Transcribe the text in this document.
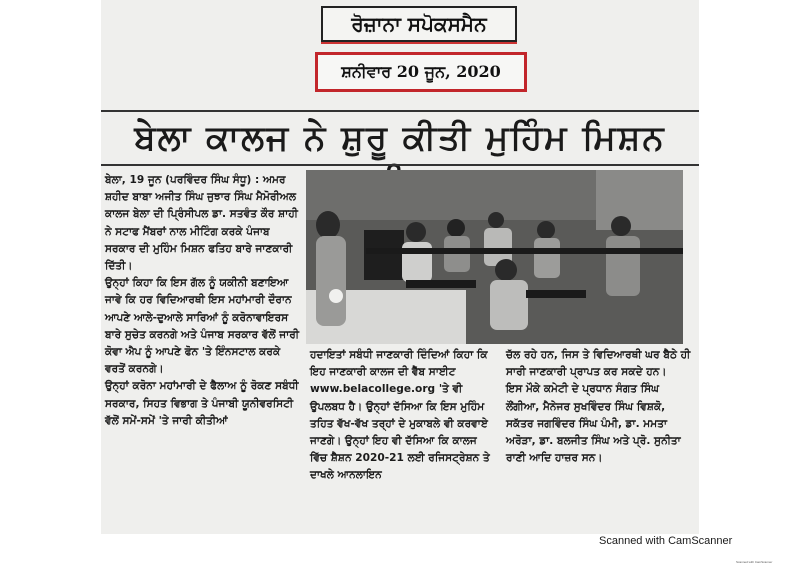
ਰੋਜ਼ਾਨਾ ਸਪੋਕਸਮੈਨ
ਸ਼ਨੀਵਾਰ 20 ਜੂਨ, 2020
ਬੇਲਾ ਕਾਲਜ ਨੇ ਸ਼ੁਰੂ ਕੀਤੀ ਮੁਹਿੰਮ ਮਿਸ਼ਨ

ਬੇਲਾ, 19 ਜੂਨ (ਪਰਵਿੰਦਰ ਸਿੰਘ ਸੰਧੂ) : ਅਮਰ ਸ਼ਹੀਦ ਬਾਬਾ ਅਜੀਤ ਸਿੰਘ ਜੁਝਾਰ ਸਿੰਘ ਮੈਮੋਰੀਅਲ ਕਾਲਜ ਬੇਲਾ ਦੀ ਪ੍ਰਿੰਸੀਪਲ ਡਾ. ਸਤਵੰਤ ਕੌਰ ਸ਼ਾਹੀ ਨੇ ਸਟਾਫ ਮੈਂਬਰਾਂ ਨਾਲ ਮੀਟਿੰਗ ਕਰਕੇ ਪੰਜਾਬ ਸਰਕਾਰ ਦੀ ਮੁਹਿੰਮ ਮਿਸ਼ਨ ਫਤਿਹ ਬਾਰੇ ਜਾਣਕਾਰੀ ਦਿੱਤੀ।

ਉਨ੍ਹਾਂ ਕਿਹਾ ਕਿ ਇਸ ਗੱਲ ਨੂੰ ਯਕੀਨੀ ਬਣਾਇਆ ਜਾਵੇ ਕਿ ਹਰ ਵਿਦਿਆਰਥੀ ਇਸ ਮਹਾਂਮਾਰੀ ਦੌਰਾਨ ਆਪਣੇ ਆਲੇ-ਦੁਆਲੇ ਸਾਰਿਆਂ ਨੂੰ ਕਰੋਨਾਵਾਇਰਸ ਬਾਰੇ ਸੁਚੇਤ ਕਰਨਗੇ ਅਤੇ ਪੰਜਾਬ ਸਰਕਾਰ ਵੱਲੋਂ ਜਾਰੀ ਕੋਵਾ ਐਪ ਨੂੰ ਆਪਣੇ ਫੋਨ 'ਤੇ ਇੰਨਸਟਾਲ ਕਰਕੇ ਵਰਤੋਂ ਕਰਨਗੇ।

ਉਨ੍ਹਾਂ ਕਰੋਨਾ ਮਹਾਂਮਾਰੀ ਦੇ ਫੈਲਾਅ ਨੂੰ ਰੋਕਣ ਸਬੰਧੀ ਸਰਕਾਰ, ਸਿਹਤ ਵਿਭਾਗ ਤੇ ਪੰਜਾਬੀ ਯੂਨੀਵਰਸਿਟੀ ਵੱਲੋਂ ਸਮੇਂ-ਸਮੇਂ 'ਤੇ ਜਾਰੀ ਕੀਤੀਆਂ

ਹਦਾਇਤਾਂ ਸਬੰਧੀ ਜਾਣਕਾਰੀ ਦਿੰਦਿਆਂ ਕਿਹਾ ਕਿ ਇਹ ਜਾਣਕਾਰੀ ਕਾਲਜ ਦੀ ਵੈੱਬ ਸਾਈਟ www.belacollege.org 'ਤੇ ਵੀ ਉਪਲਬਧ ਹੈ। ਉਨ੍ਹਾਂ ਦੱਸਿਆ ਕਿ ਇਸ ਮੁਹਿੰਮ ਤਹਿਤ ਵੱਖ-ਵੱਖ ਤਰ੍ਹਾਂ ਦੇ ਮੁਕਾਬਲੇ ਵੀ ਕਰਵਾਏ ਜਾਣਗੇ। ਉਨ੍ਹਾਂ ਇਹ ਵੀ ਦੱਸਿਆ ਕਿ ਕਾਲਜ ਵਿੱਚ ਸ਼ੈਸ਼ਨ 2020-21 ਲਈ ਰਜਿਸਟ੍ਰੇਸ਼ਨ ਤੇ ਦਾਖਲੇ ਆਨਲਾਇਨ

ਚੱਲ ਰਹੇ ਹਨ, ਜਿਸ ਤੇ ਵਿਦਿਆਰਥੀ ਘਰ ਬੈਠੇ ਹੀ ਸਾਰੀ ਜਾਣਕਾਰੀ ਪ੍ਰਾਪਤ ਕਰ ਸਕਦੇ ਹਨ।

ਇਸ ਮੌਕੇ ਕਮੇਟੀ ਦੇ ਪ੍ਰਧਾਨ ਸੰਗਤ ਸਿੰਘ ਲੌਂਗੀਆ, ਮੈਨੇਜਰ ਸੁਖਵਿੰਦਰ ਸਿੰਘ ਵਿਸ਼ਕੋ, ਸਕੱਤਰ ਜਗਵਿੰਦਰ ਸਿੰਘ ਪੰਮੀ, ਡਾ. ਮਮਤਾ ਅਰੋੜਾ, ਡਾ. ਬਲਜੀਤ ਸਿੰਘ ਅਤੇ ਪ੍ਰੋ. ਸੁਨੀਤਾ ਰਾਣੀ ਆਦਿ ਹਾਜ਼ਰ ਸਨ।

Scanned with CamScanner
Scanned with CamScanner
